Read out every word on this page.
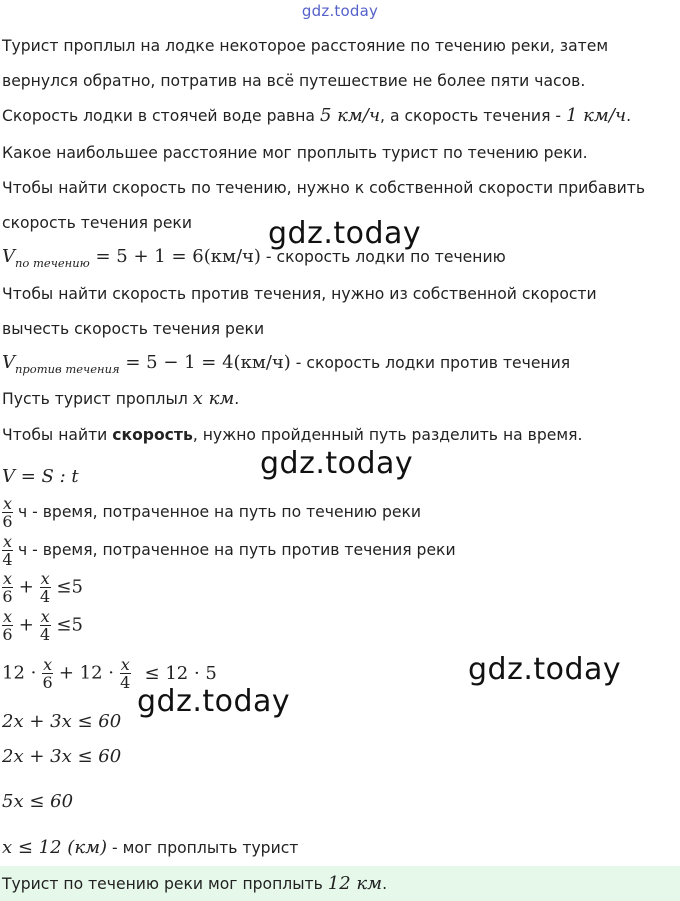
gdz.today
Турист проплыл на лодке некоторое расстояние по течению реки, затем
вернулся обратно, потратив на всё путешествие не более пяти часов.
Скорость лодки в стоячей воде равна 5 км/ч, а скорость течения - 1 км/ч.
Какое наибольшее расстояние мог проплыть турист по течению реки.
Чтобы найти скорость по течению, нужно к собственной скорости прибавить
скорость течения реки
$V_{по течению} = 5 + 1 = 6(км/ч)$ - скорость лодки по течению
Чтобы найти скорость против течения, нужно из собственной скорости
вычесть скорость течения реки
$V_{против течения} = 5 - 1 = 4(км/ч)$ - скорость лодки против течения
Пусть турист проплыл x км.
Чтобы найти скорость, нужно пройденный путь разделить на время.
V = S : t
$\frac{x}{6}$ ч - время, потраченное на путь по течению реки
$\frac{x}{4}$ ч - время, потраченное на путь против течения реки
$\frac{x}{6} + \frac{x}{4} \le 5$
$\frac{x}{6} + \frac{x}{4} \le 5$
$12 \cdot \frac{x}{6} + 12 \cdot \frac{x}{4} \le 12 \cdot 5$
2x + 3x ≤ 60
2x + 3x ≤ 60
5x ≤ 60
x ≤ 12 (км) - мог проплыть турист
Турист по течению реки мог проплыть 12 км.
gdz.today
gdz.today
gdz.today
gdz.today
